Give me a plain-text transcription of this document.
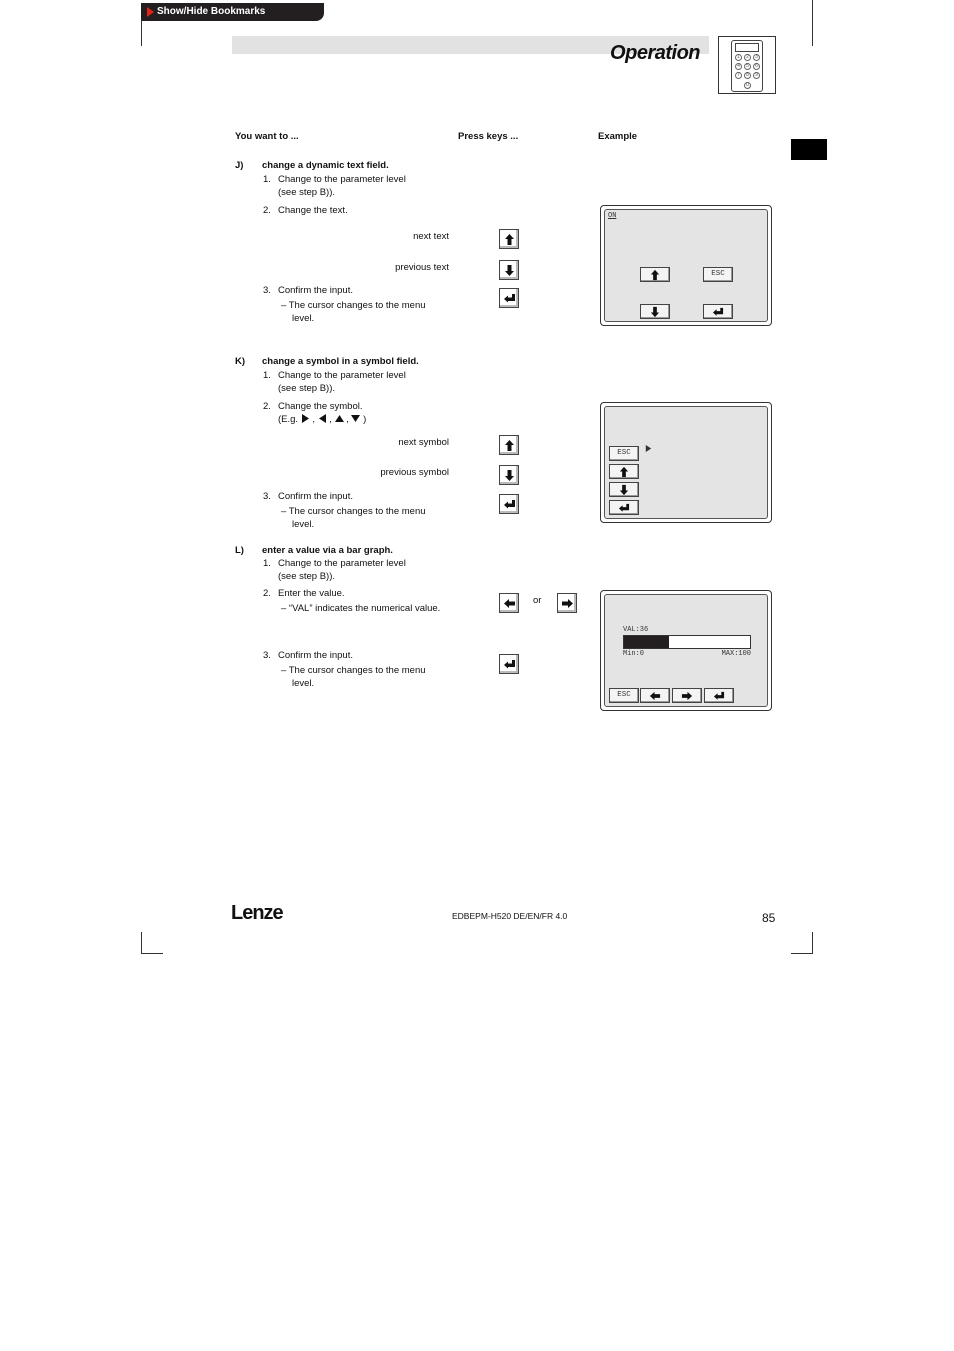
Show/Hide Bookmarks
Operation	1	2	3
4	5	6
7	8	9
0
You want to ...	Press keys ...	Example
J) change a dynamic text field.
1. Change to the parameter level
(see step B)).
2. Change the text.
next text
previous text
3. Confirm the input.
– The cursor changes to the menu
level.
ON
ESC
K) change a symbol in a symbol field.
1. Change to the parameter level
(see step B)).
2. Change the symbol.
(E.g.  ,  ,  ,  )
next symbol
previous symbol
3. Confirm the input.
– The cursor changes to the menu
level.
ESC
L) enter a value via a bar graph.
1. Change to the parameter level
(see step B)).
2. Enter the value.
– “VAL” indicates the numerical value.
3. Confirm the input.
– The cursor changes to the menu
level.
or
VAL:36
Min:0	MAX:100
ESC
Lenze	EDBEPM-H520 DE/EN/FR 4.0	85
